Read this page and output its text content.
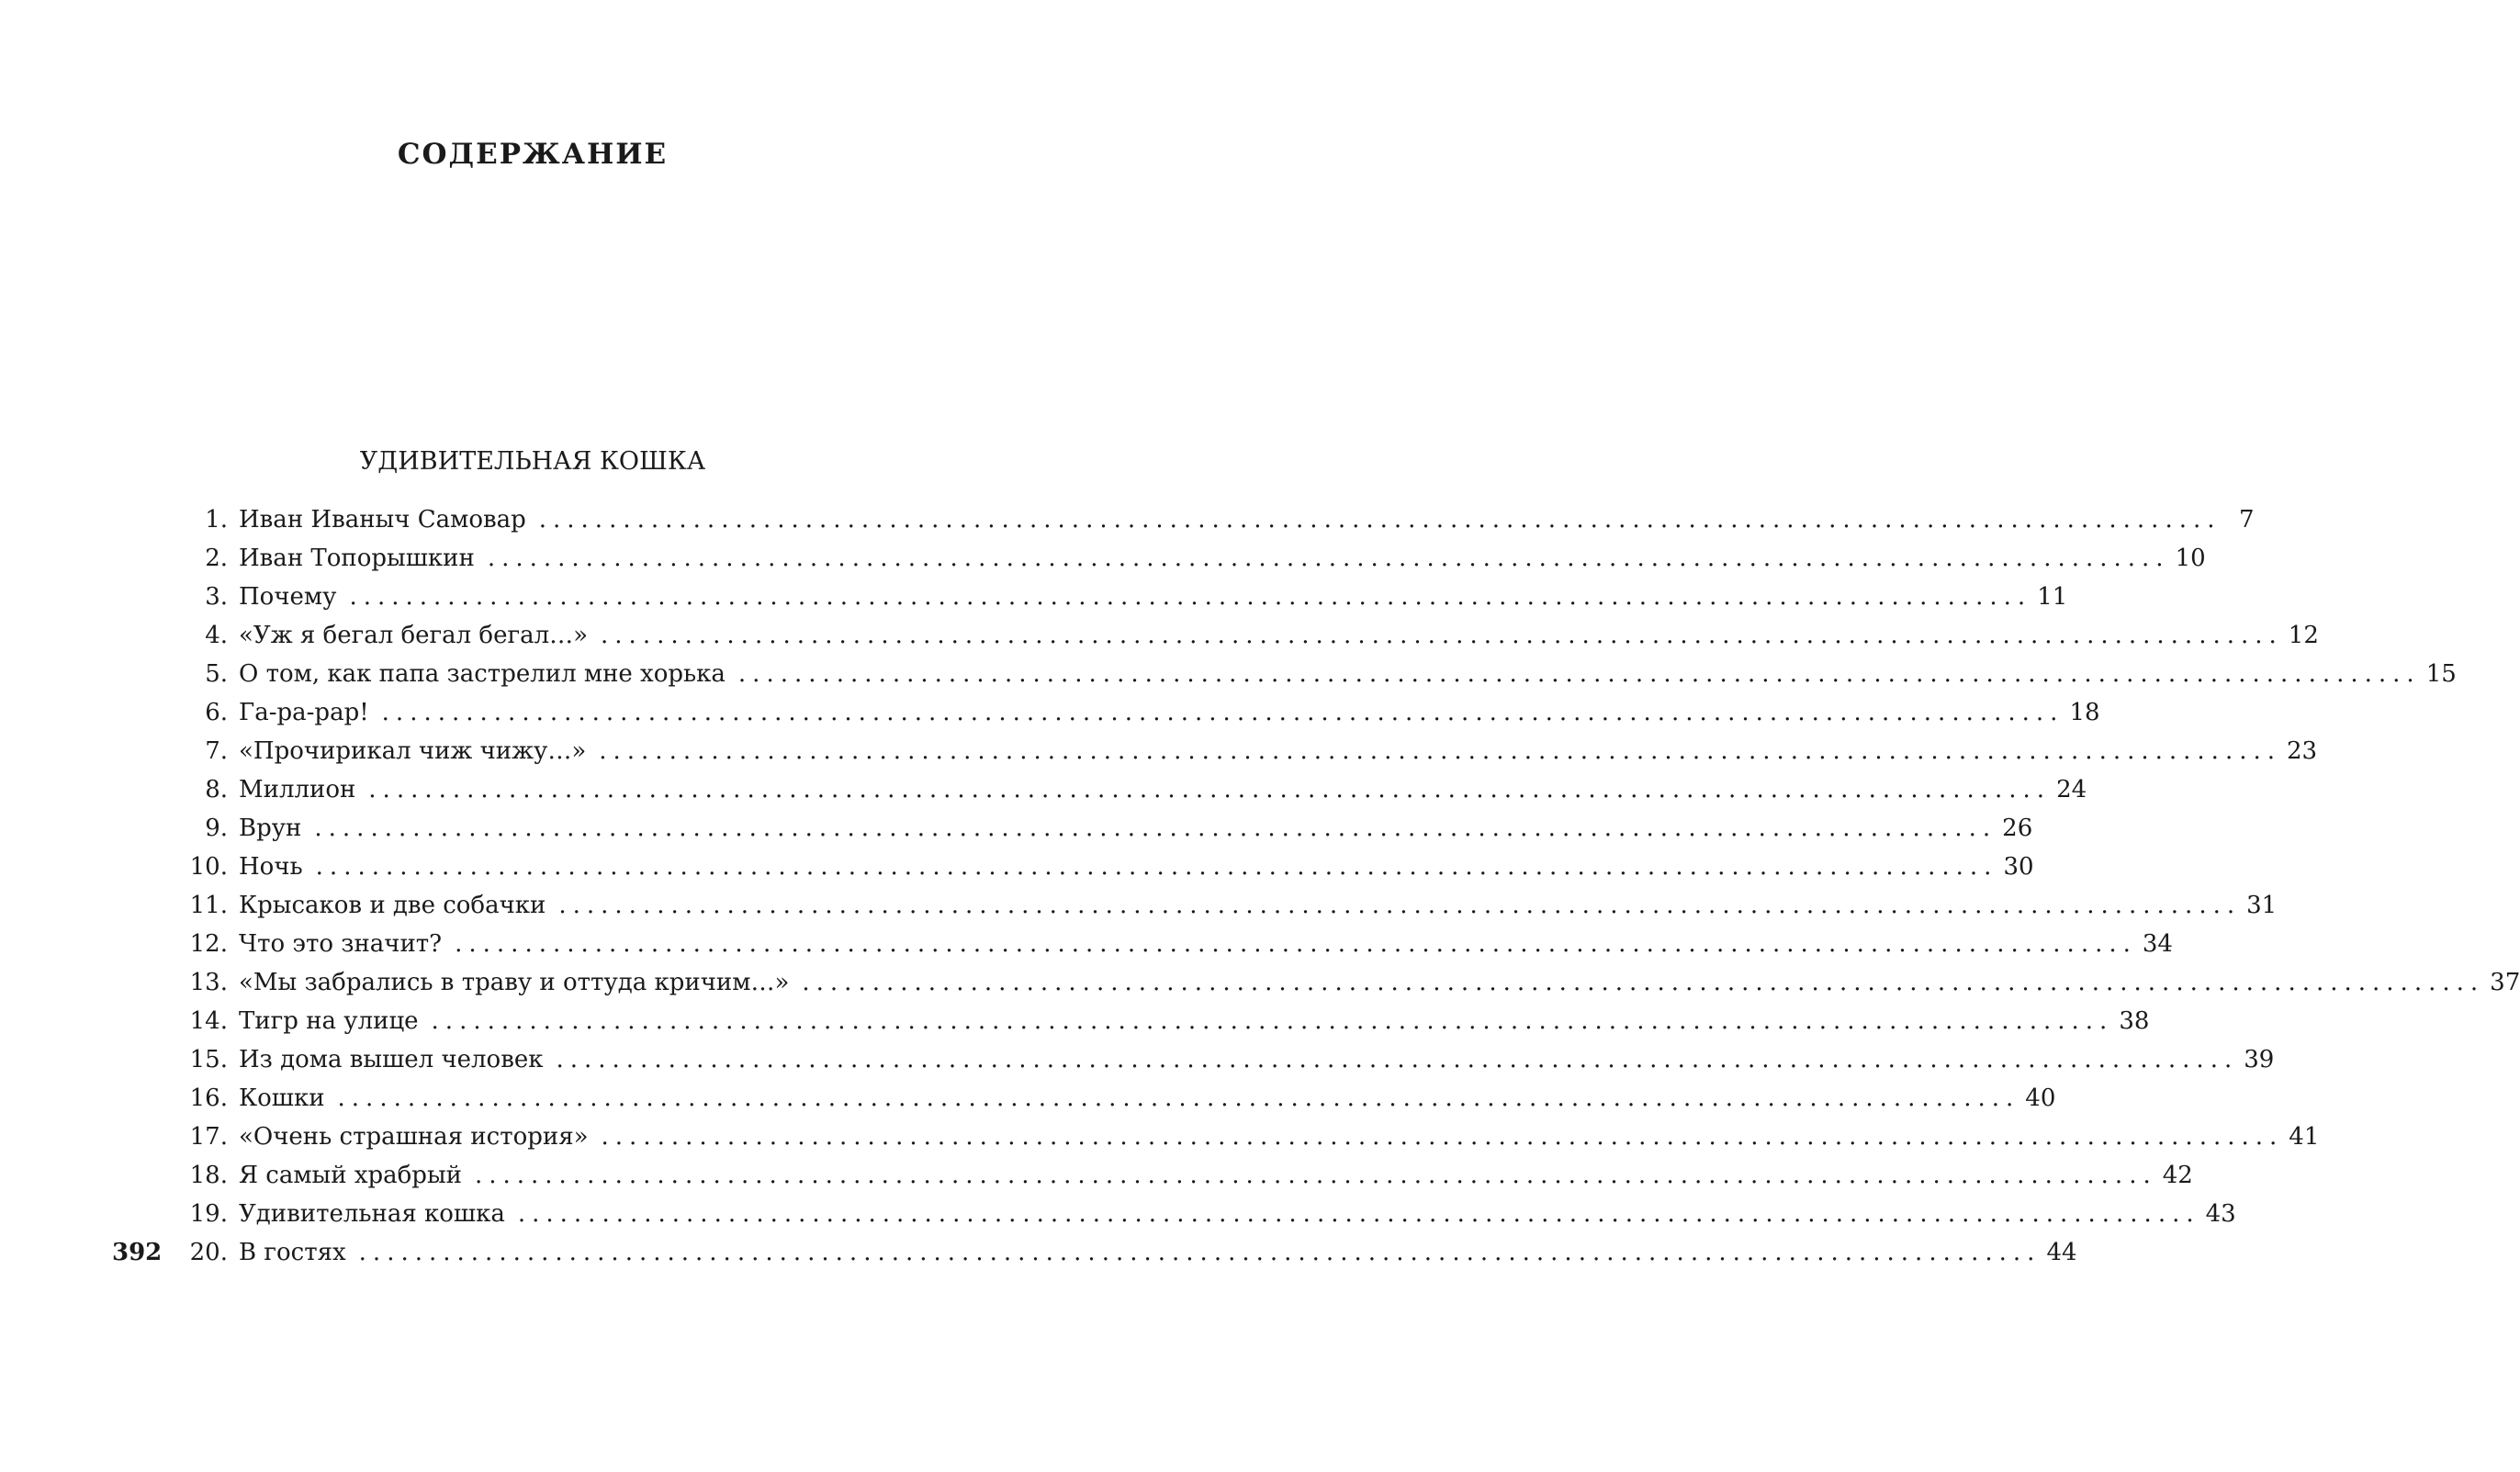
СОДЕРЖАНИЕ
УДИВИТЕЛЬНАЯ КОШКА
1. Иван Иваныч Самовар ........................................................................................................................ 7
2. Иван Топорышкин ........................................................................................................................ 10
3. Почему ........................................................................................................................ 11
4. «Уж я бегал бегал бегал…» ........................................................................................................................ 12
5. О том, как папа застрелил мне хорька ........................................................................................................................ 15
6. Га-ра-рар! ........................................................................................................................ 18
7. «Прочирикал чиж чижу…» ........................................................................................................................ 23
8. Миллион ........................................................................................................................ 24
9. Врун ........................................................................................................................ 26
10. Ночь ........................................................................................................................ 30
11. Крысаков и две собачки ........................................................................................................................ 31
12. Что это значит? ........................................................................................................................ 34
13. «Мы забрались в траву и оттуда кричим…» ........................................................................................................................ 37
14. Тигр на улице ........................................................................................................................ 38
15. Из дома вышел человек ........................................................................................................................ 39
16. Кошки ........................................................................................................................ 40
17. «Очень страшная история» ........................................................................................................................ 41
18. Я самый храбрый ........................................................................................................................ 42
19. Удивительная кошка ........................................................................................................................ 43
20. В гостях ........................................................................................................................ 44
392
